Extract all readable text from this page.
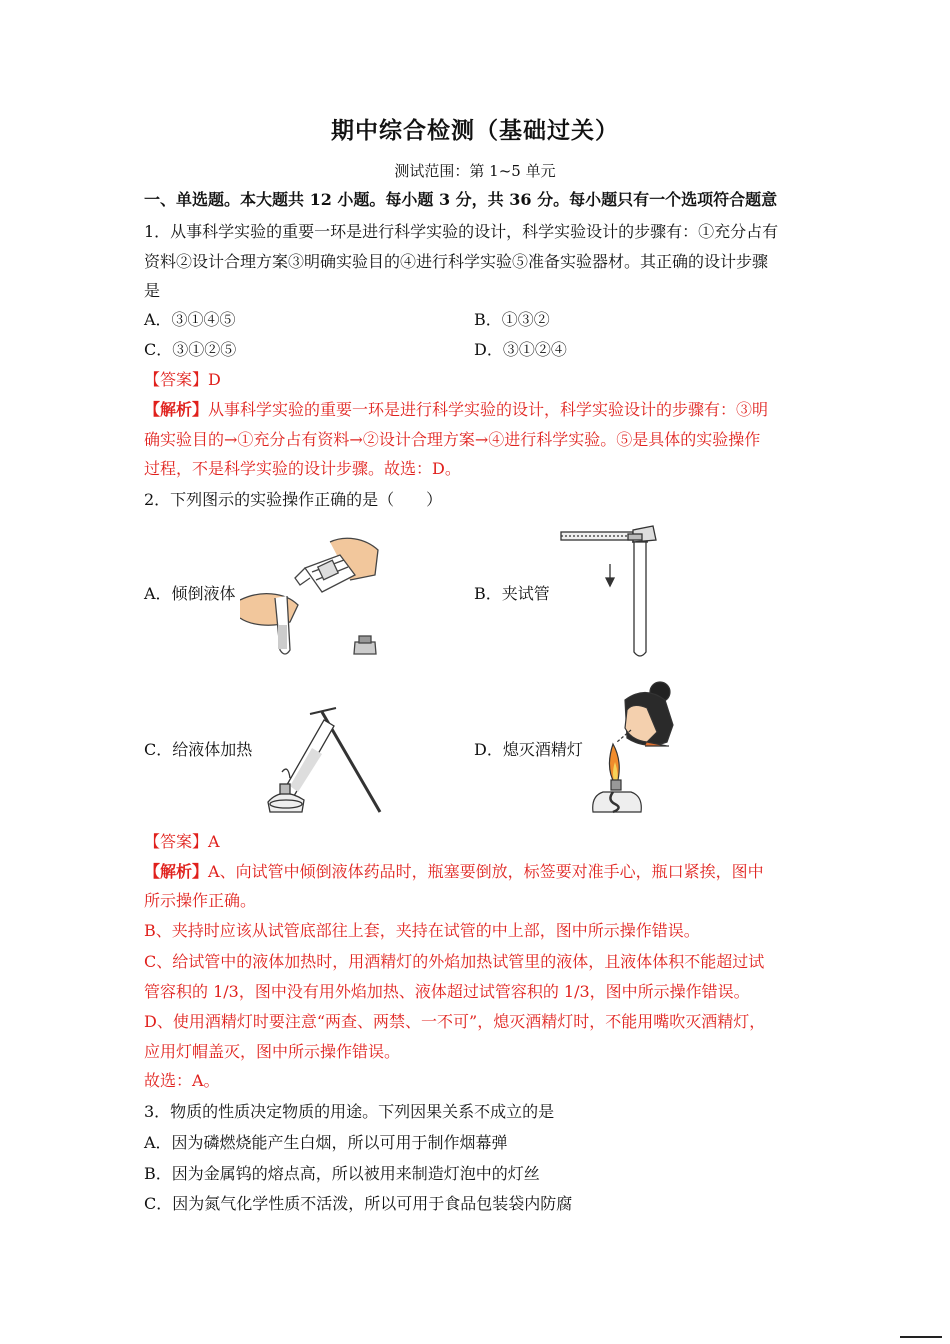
期中综合检测（基础过关）
测试范围：第 1~5 单元
一、单选题。本大题共 12 小题。每小题 3 分，共 36 分。每小题只有一个选项符合题意
1．从事科学实验的重要一环是进行科学实验的设计，科学实验设计的步骤有：①充分占有
资料②设计合理方案③明确实验目的④进行科学实验⑤准备实验器材。其正确的设计步骤
是
A．③①④⑤	B．①③②
C．③①②⑤	D．③①②④
【答案】D
【解析】从事科学实验的重要一环是进行科学实验的设计，科学实验设计的步骤有：③明
确实验目的→①充分占有资料→②设计合理方案→④进行科学实验。⑤是具体的实验操作
过程，不是科学实验的设计步骤。故选：D。
2．下列图示的实验操作正确的是（　　）
A．倾倒液体	B．夹试管
C．给液体加热	D．熄灭酒精灯
【答案】A
【解析】A、向试管中倾倒液体药品时，瓶塞要倒放，标签要对准手心，瓶口紧挨，图中
所示操作正确。
B、夹持时应该从试管底部往上套，夹持在试管的中上部，图中所示操作错误。
C、给试管中的液体加热时，用酒精灯的外焰加热试管里的液体，且液体体积不能超过试
管容积的 1/3，图中没有用外焰加热、液体超过试管容积的 1/3，图中所示操作错误。
D、使用酒精灯时要注意“两查、两禁、一不可”，熄灭酒精灯时，不能用嘴吹灭酒精灯，
应用灯帽盖灭，图中所示操作错误。
故选：A。
3．物质的性质决定物质的用途。下列因果关系不成立的是
A．因为磷燃烧能产生白烟，所以可用于制作烟幕弹
B．因为金属钨的熔点高，所以被用来制造灯泡中的灯丝
C．因为氮气化学性质不活泼，所以可用于食品包装袋内防腐
